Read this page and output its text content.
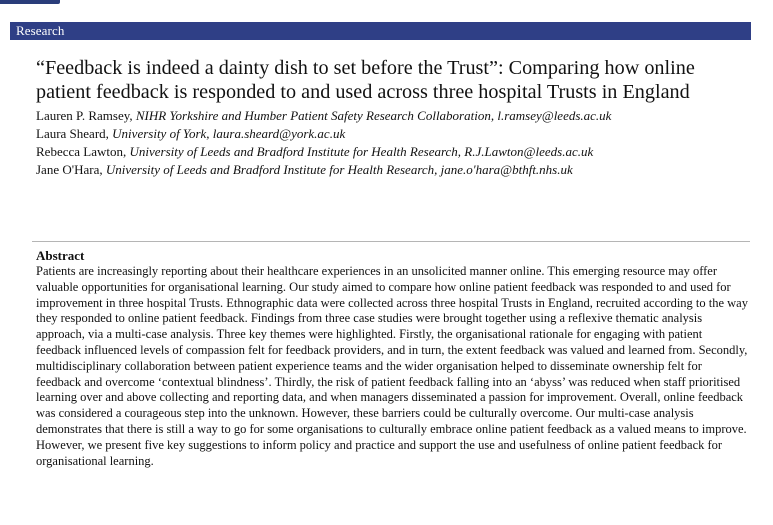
Research
“Feedback is indeed a dainty dish to set before the Trust”: Comparing how online patient feedback is responded to and used across three hospital Trusts in England
Lauren P. Ramsey, NIHR Yorkshire and Humber Patient Safety Research Collaboration, l.ramsey@leeds.ac.uk
Laura Sheard, University of York, laura.sheard@york.ac.uk
Rebecca Lawton, University of Leeds and Bradford Institute for Health Research, R.J.Lawton@leeds.ac.uk
Jane O'Hara, University of Leeds and Bradford Institute for Health Research, jane.o'hara@bthft.nhs.uk
Abstract

Patients are increasingly reporting about their healthcare experiences in an unsolicited manner online. This emerging resource may offer valuable opportunities for organisational learning. Our study aimed to compare how online patient feedback was responded to and used for improvement in three hospital Trusts. Ethnographic data were collected across three hospital Trusts in England, recruited according to the way they responded to online patient feedback. Findings from three case studies were brought together using a reflexive thematic analysis approach, via a multi-case analysis. Three key themes were highlighted. Firstly, the organisational rationale for engaging with patient feedback influenced levels of compassion felt for feedback providers, and in turn, the extent feedback was valued and learned from. Secondly, multidisciplinary collaboration between patient experience teams and the wider organisation helped to disseminate ownership felt for feedback and overcome ‘contextual blindness’. Thirdly, the risk of patient feedback falling into an ‘abyss’ was reduced when staff prioritised learning over and above collecting and reporting data, and when managers disseminated a passion for improvement. Overall, online feedback was considered a courageous step into the unknown. However, these barriers could be culturally overcome. Our multi-case analysis demonstrates that there is still a way to go for some organisations to culturally embrace online patient feedback as a valued means to improve. However, we present five key suggestions to inform policy and practice and support the use and usefulness of online patient feedback for organisational learning.
